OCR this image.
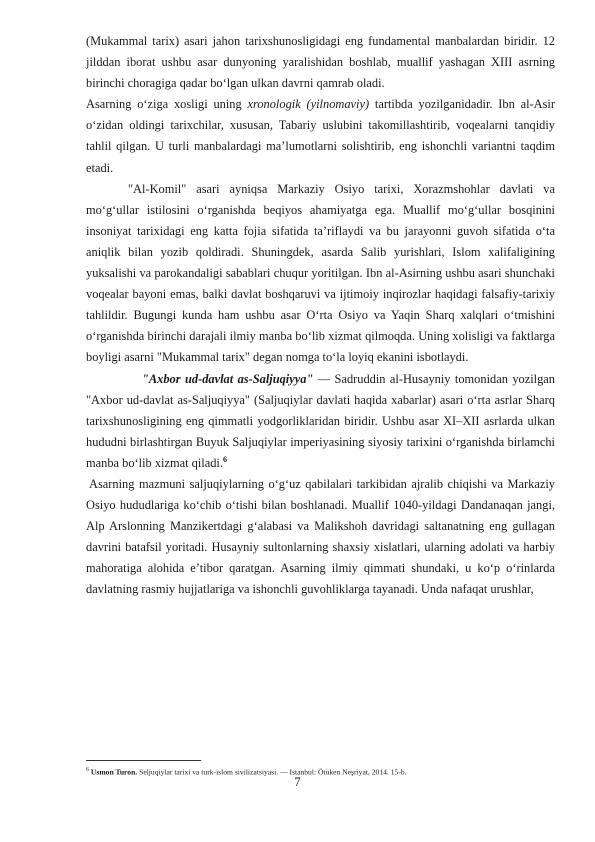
(Mukammal tarix) asari jahon tarixshunosligidagi eng fundamental manbalardan biridir. 12 jilddan iborat ushbu asar dunyoning yaralishidan boshlab, muallif yashagan XIII asrning birinchi choragiga qadar bo‘lgan ulkan davrni qamrab oladi.

Asarning o‘ziga xosligi uning xronologik (yilnomaviy) tartibda yozilganidadir. Ibn al-Asir o‘zidan oldingi tarixchilar, xususan, Tabariy uslubini takomillashtirib, voqealarni tanqidiy tahlil qilgan. U turli manbalardagi ma’lumotlarni solishtirib, eng ishonchli variantni taqdim etadi.

"Al-Komil" asari ayniqsa Markaziy Osiyo tarixi, Xorazmshohlar davlati va mo‘g‘ullar istilosini o‘rganishda beqiyos ahamiyatga ega. Muallif mo‘g‘ullar bosqinini insoniyat tarixidagi eng katta fojia sifatida ta’riflaydi va bu jarayonni guvoh sifatida o‘ta aniqlik bilan yozib qoldiradi. Shuningdek, asarda Salib yurishlari, Islom xalifaligining yuksalishi va parokandaligi sabablari chuqur yoritilgan. Ibn al-Asirning ushbu asari shunchaki voqealar bayoni emas, balki davlat boshqaruvi va ijtimoiy inqirozlar haqidagi falsafiy-tarixiy tahlildir. Bugungi kunda ham ushbu asar O‘rta Osiyo va Yaqin Sharq xalqlari o‘tmishini o‘rganishda birinchi darajali ilmiy manba bo‘lib xizmat qilmoqda. Uning xolisligi va faktlarga boyligi asarni "Mukammal tarix" degan nomga to‘la loyiq ekanini isbotlaydi.

"Axbor ud-davlat as-Saljuqiyya" — Sadruddin al-Husayniy tomonidan yozilgan "Axbor ud-davlat as-Saljuqiyya" (Saljuqiylar davlati haqida xabarlar) asari o‘rta asrlar Sharq tarixshunosligining eng qimmatli yodgorliklaridan biridir. Ushbu asar XI–XII asrlarda ulkan hududni birlashtirgan Buyuk Saljuqiylar imperiyasining siyosiy tarixini o‘rganishda birlamchi manba bo‘lib xizmat qiladi.$^6$

Asarning mazmuni saljuqiylarning o‘g‘uz qabilalari tarkibidan ajralib chiqishi va Markaziy Osiyo hududlariga ko‘chib o‘tishi bilan boshlanadi. Muallif 1040-yildagi Dandanaqan jangi, Alp Arslonning Manzikertdagi g‘alabasi va Malikshoh davridagi saltanatning eng gullagan davrini batafsil yoritadi. Husayniy sultonlarning shaxsiy xislatlari, ularning adolati va harbiy mahoratiga alohida e’tibor qaratgan. Asarning ilmiy qimmati shundaki, u ko‘p o‘rinlarda davlatning rasmiy hujjatlariga va ishonchli guvohliklarga tayanadi. Unda nafaqat urushlar,

$^6$ Usmon Turon. Seljuqiylar tarixi va turk-islom sivilizatsiyasi. — Istanbul: Ötüken Neşriyat, 2014. 15-b.
7
